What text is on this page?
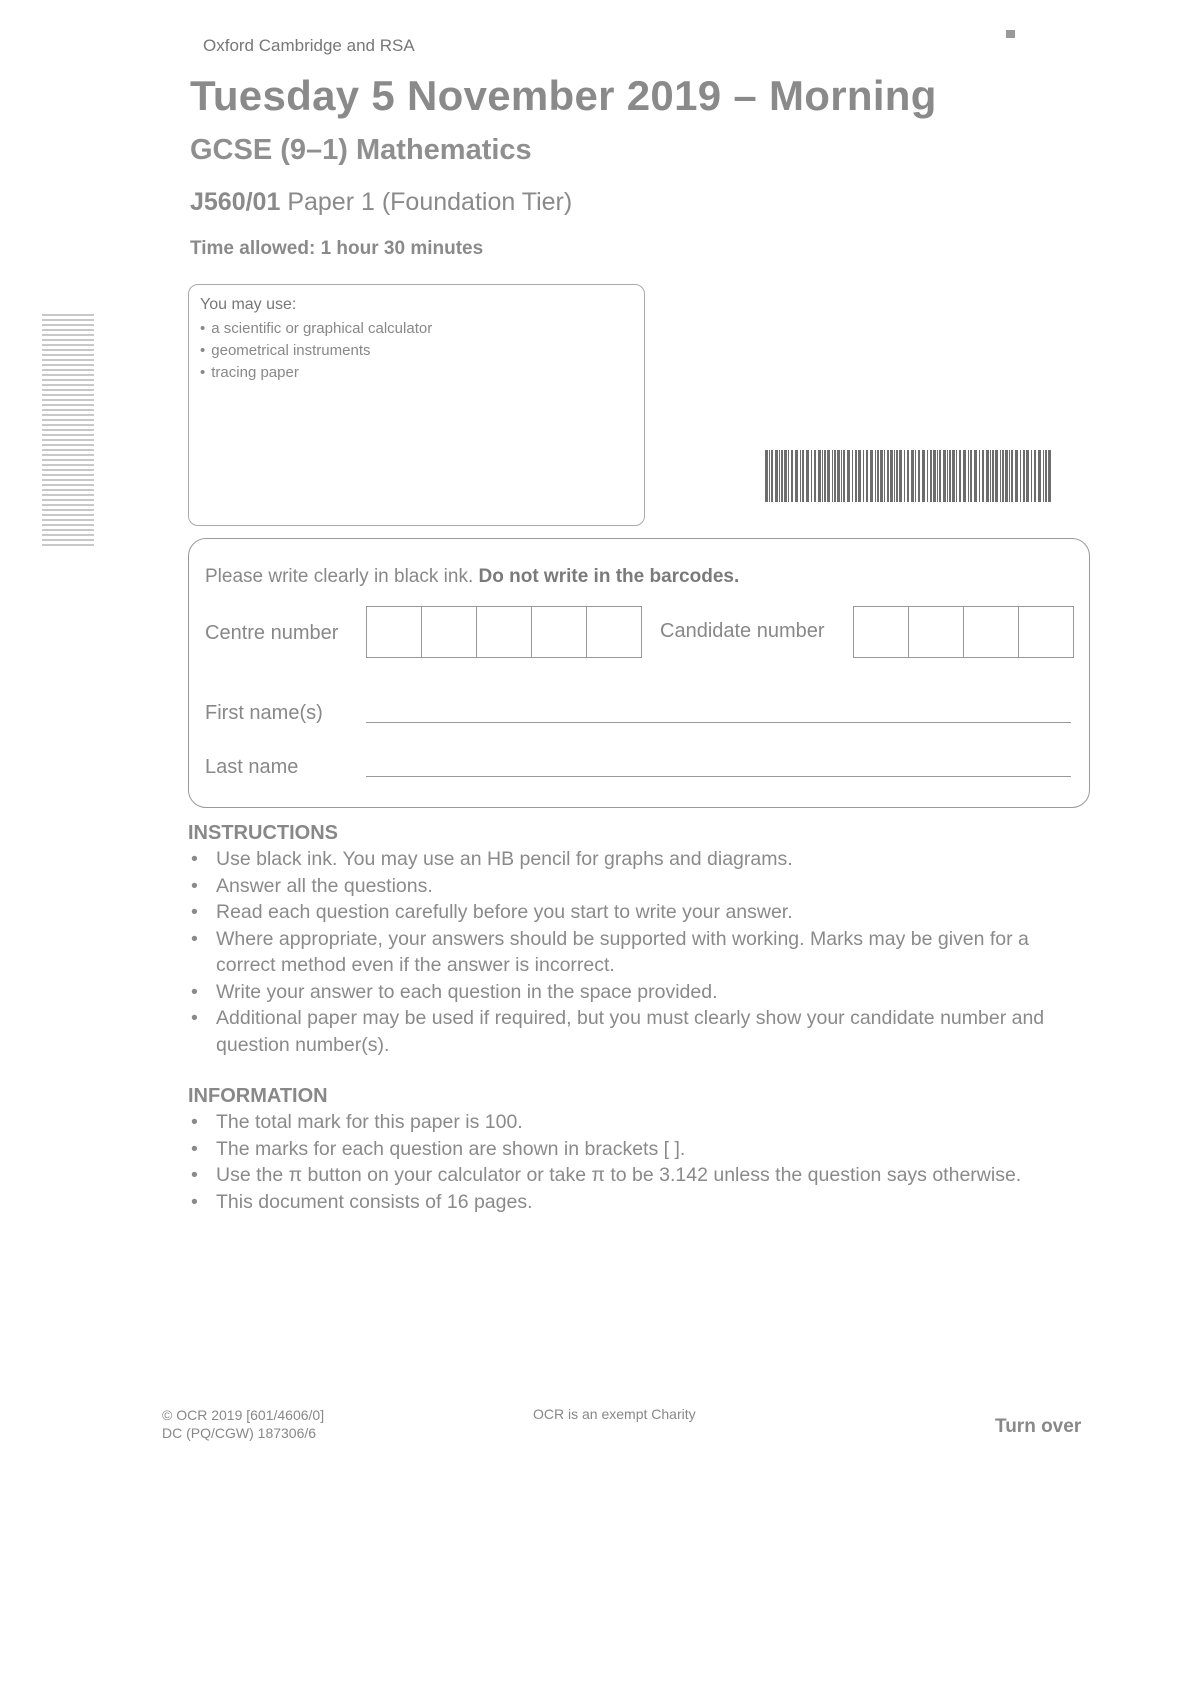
Oxford Cambridge and RSA
Tuesday 5 November 2019 – Morning
GCSE (9–1) Mathematics
J560/01 Paper 1 (Foundation Tier)
Time allowed: 1 hour 30 minutes
You may use:
• a scientific or graphical calculator
• geometrical instruments
• tracing paper
Please write clearly in black ink. Do not write in the barcodes.
Centre number	Candidate number
First name(s)
Last name
INSTRUCTIONS
• Use black ink. You may use an HB pencil for graphs and diagrams.
• Answer all the questions.
• Read each question carefully before you start to write your answer.
• Where appropriate, your answers should be supported with working. Marks may be given for a correct method even if the answer is incorrect.
• Write your answer to each question in the space provided.
• Additional paper may be used if required, but you must clearly show your candidate number and question number(s).
INFORMATION
• The total mark for this paper is 100.
• The marks for each question are shown in brackets [ ].
• Use the π button on your calculator or take π to be 3.142 unless the question says otherwise.
• This document consists of 16 pages.
© OCR 2019 [601/4606/0]
DC (PQ/CGW) 187306/6
OCR is an exempt Charity
Turn over
